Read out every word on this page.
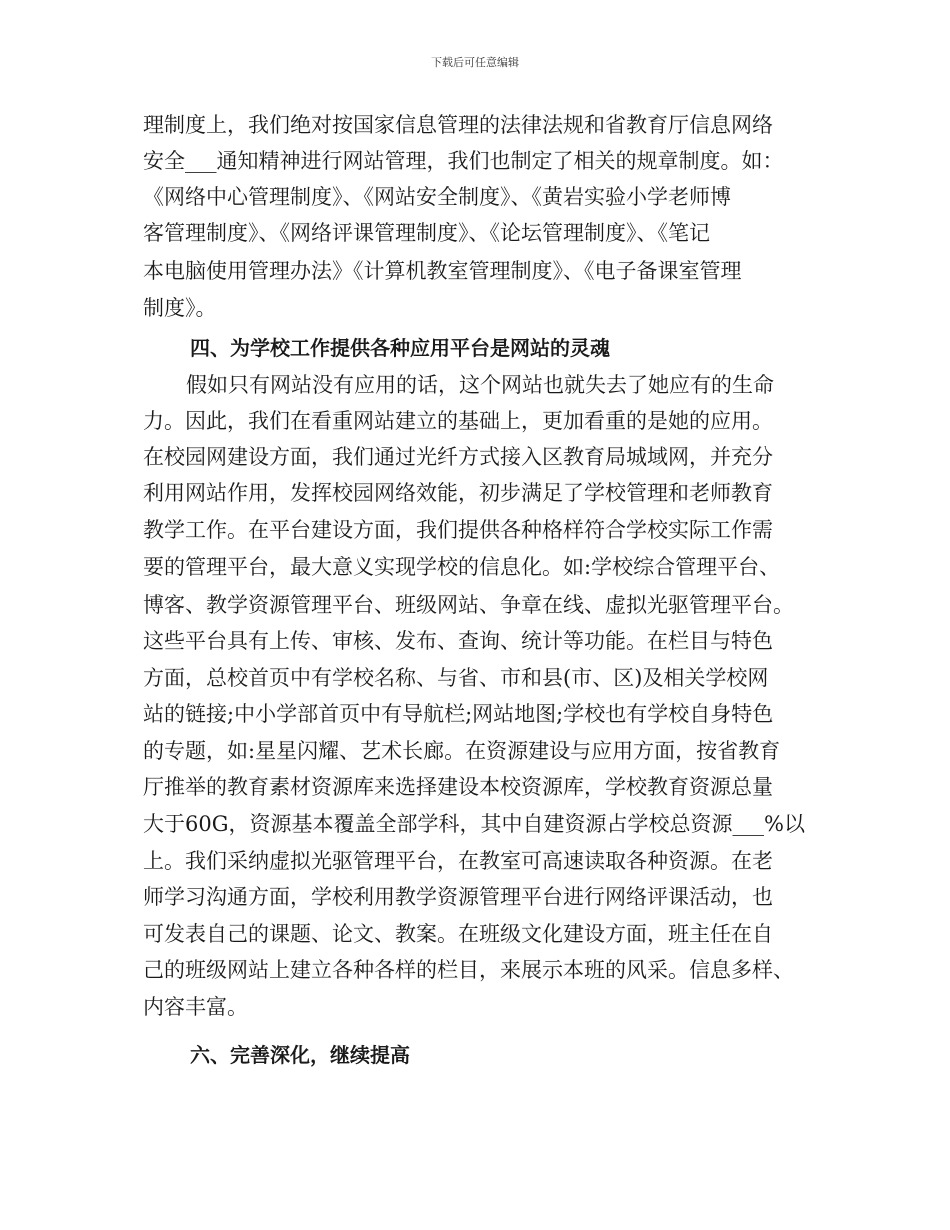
下载后可任意编辑
理制度上，我们绝对按国家信息管理的法律法规和省教育厅信息网络
安全___通知精神进行网站管理，我们也制定了相关的规章制度。如：
《网络中心管理制度》、《网站安全制度》、《黄岩实验小学老师博
客管理制度》、《网络评课管理制度》、《论坛管理制度》、《笔记
本电脑使用管理办法》《计算机教室管理制度》、《电子备课室管理
制度》。
四、为学校工作提供各种应用平台是网站的灵魂
假如只有网站没有应用的话，这个网站也就失去了她应有的生命
力。因此，我们在看重网站建立的基础上，更加看重的是她的应用。
在校园网建设方面，我们通过光纤方式接入区教育局城域网，并充分
利用网站作用，发挥校园网络效能，初步满足了学校管理和老师教育
教学工作。在平台建设方面，我们提供各种格样符合学校实际工作需
要的管理平台，最大意义实现学校的信息化。如:学校综合管理平台、
博客、教学资源管理平台、班级网站、争章在线、虚拟光驱管理平台。
这些平台具有上传、审核、发布、查询、统计等功能。在栏目与特色
方面，总校首页中有学校名称、与省、市和县(市、区)及相关学校网
站的链接;中小学部首页中有导航栏;网站地图;学校也有学校自身特色
的专题，如:星星闪耀、艺术长廊。在资源建设与应用方面，按省教育
厅推举的教育素材资源库来选择建设本校资源库，学校教育资源总量
大于60G，资源基本覆盖全部学科，其中自建资源占学校总资源___%以
上。我们采纳虚拟光驱管理平台，在教室可高速读取各种资源。在老
师学习沟通方面，学校利用教学资源管理平台进行网络评课活动，也
可发表自己的课题、论文、教案。在班级文化建设方面，班主任在自
己的班级网站上建立各种各样的栏目，来展示本班的风采。信息多样、
内容丰富。
六、完善深化，继续提高
